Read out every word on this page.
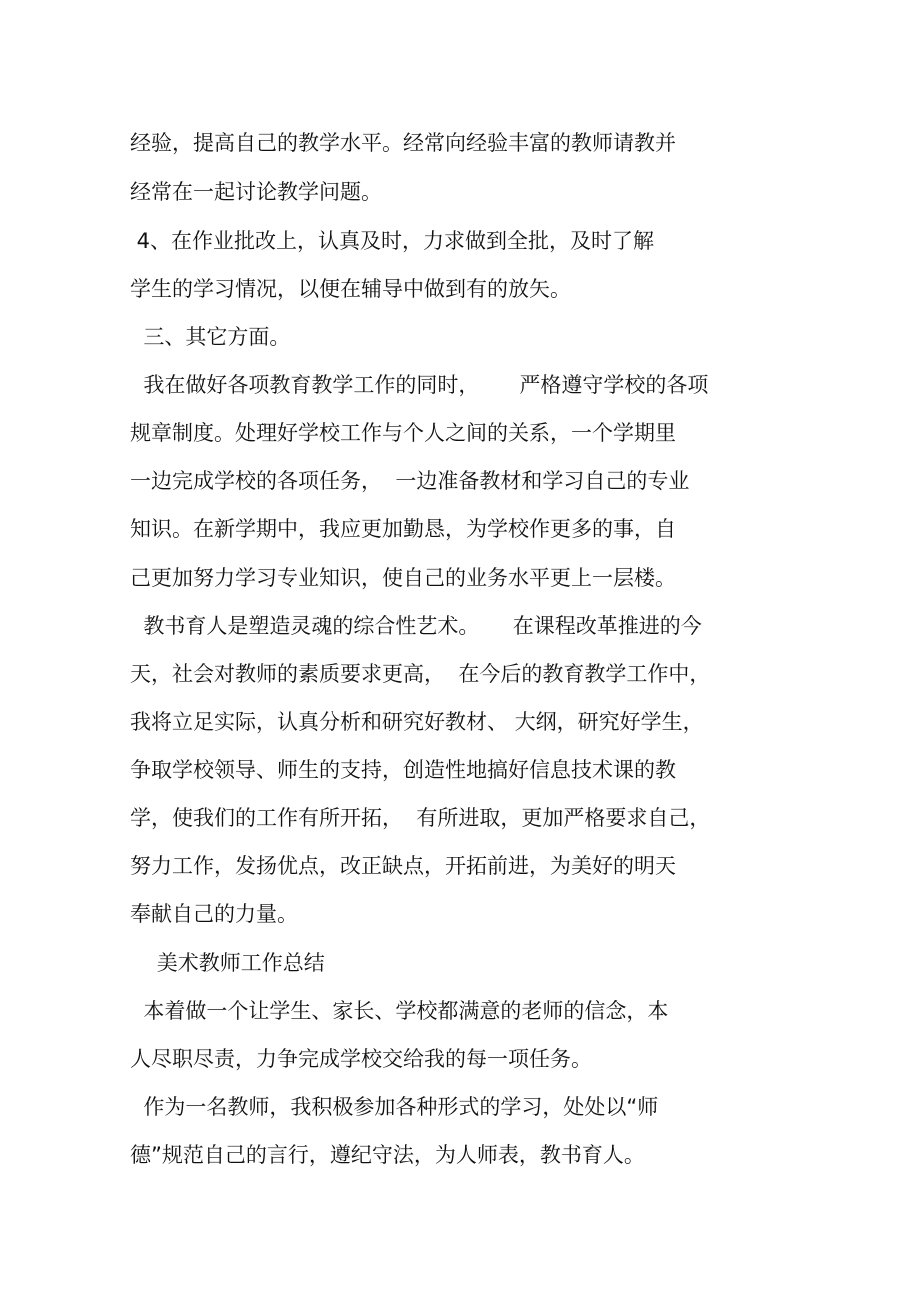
经验，提高自己的教学水平。经常向经验丰富的教师请教并

经常在一起讨论教学问题。

4、在作业批改上，认真及时，力求做到全批，及时了解

学生的学习情况，以便在辅导中做到有的放矢。

三、其它方面。

我在做好各项教育教学工作的同时，      严格遵守学校的各项

规章制度。处理好学校工作与个人之间的关系，一个学期里

一边完成学校的各项任务，  一边准备教材和学习自己的专业

知识。在新学期中，我应更加勤恳，为学校作更多的事，自

己更加努力学习专业知识，使自己的业务水平更上一层楼。

教书育人是塑造灵魂的综合性艺术。     在课程改革推进的今

天，社会对教师的素质要求更高，  在今后的教育教学工作中，

我将立足实际，认真分析和研究好教材、 大纲，研究好学生，

争取学校领导、师生的支持，创造性地搞好信息技术课的教

学，使我们的工作有所开拓，  有所进取，更加严格要求自己，

努力工作，发扬优点，改正缺点，开拓前进，为美好的明天

奉献自己的力量。

美术教师工作总结

本着做一个让学生、家长、学校都满意的老师的信念，本

人尽职尽责，力争完成学校交给我的每一项任务。

作为一名教师，我积极参加各种形式的学习，处处以“师

德”规范自己的言行，遵纪守法，为人师表，教书育人。
